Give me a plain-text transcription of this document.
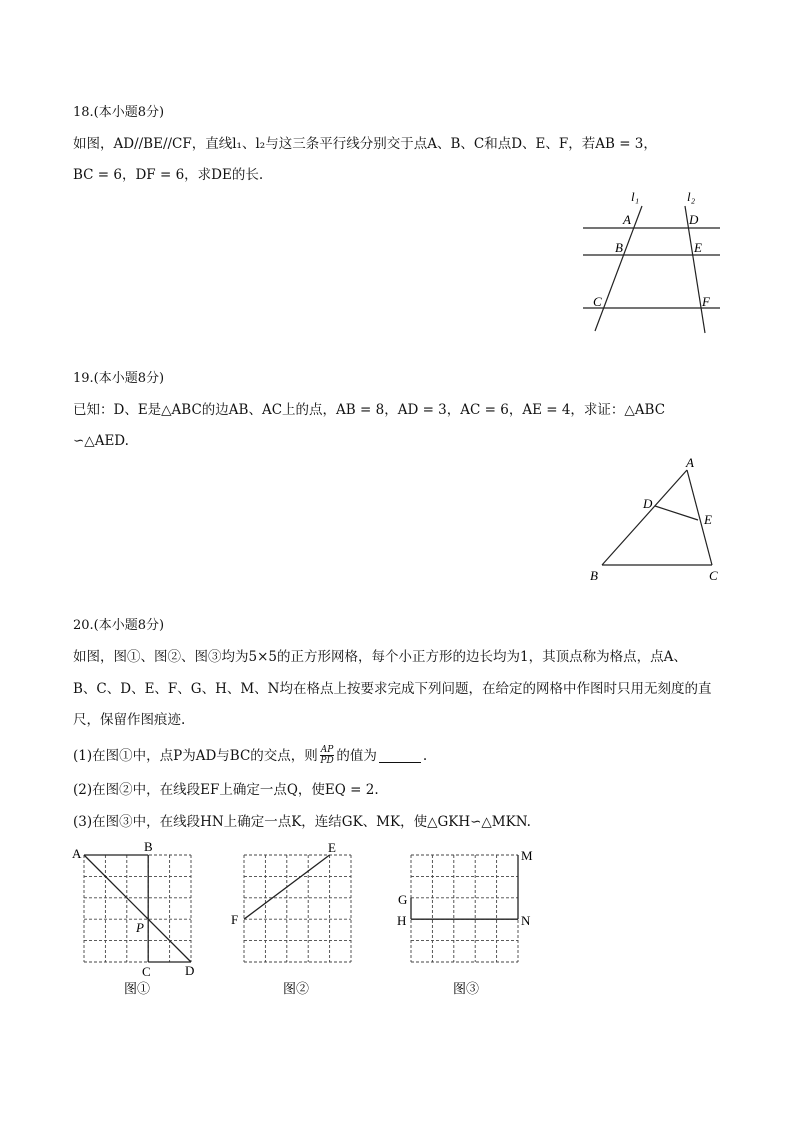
18.(本小题8分)
如图，AD//BE//CF，直线l₁、l₂与这三条平行线分别交于点A、B、C和点D、E、F，若AB = 3，
BC = 6，DF = 6，求DE的长.
l₁	l₂
A	D
B	E
C	F
19.(本小题8分)
已知：D、E是△ABC的边AB、AC上的点，AB = 8，AD = 3，AC = 6，AE = 4，求证：△ABC
∽△AED.
A
D
E
B	C
20.(本小题8分)
如图，图①、图②、图③均为5×5的正方形网格，每个小正方形的边长均为1，其顶点称为格点，点A、
B、C、D、E、F、G、H、M、N均在格点上按要求完成下列问题，在给定的网格中作图时只用无刻度的直
尺，保留作图痕迹.
(1)在图①中，点P为AD与BC的交点，则 $\frac{AP}{PD}$ 的值为	.
(2)在图②中，在线段EF上确定一点Q，使EQ = 2.
(3)在图③中，在线段HN上确定一点K，连结GK、MK，使△GKH∽△MKN.
A	B
C	D
P
图①
E
F
图②
M
G
H	N
图③
